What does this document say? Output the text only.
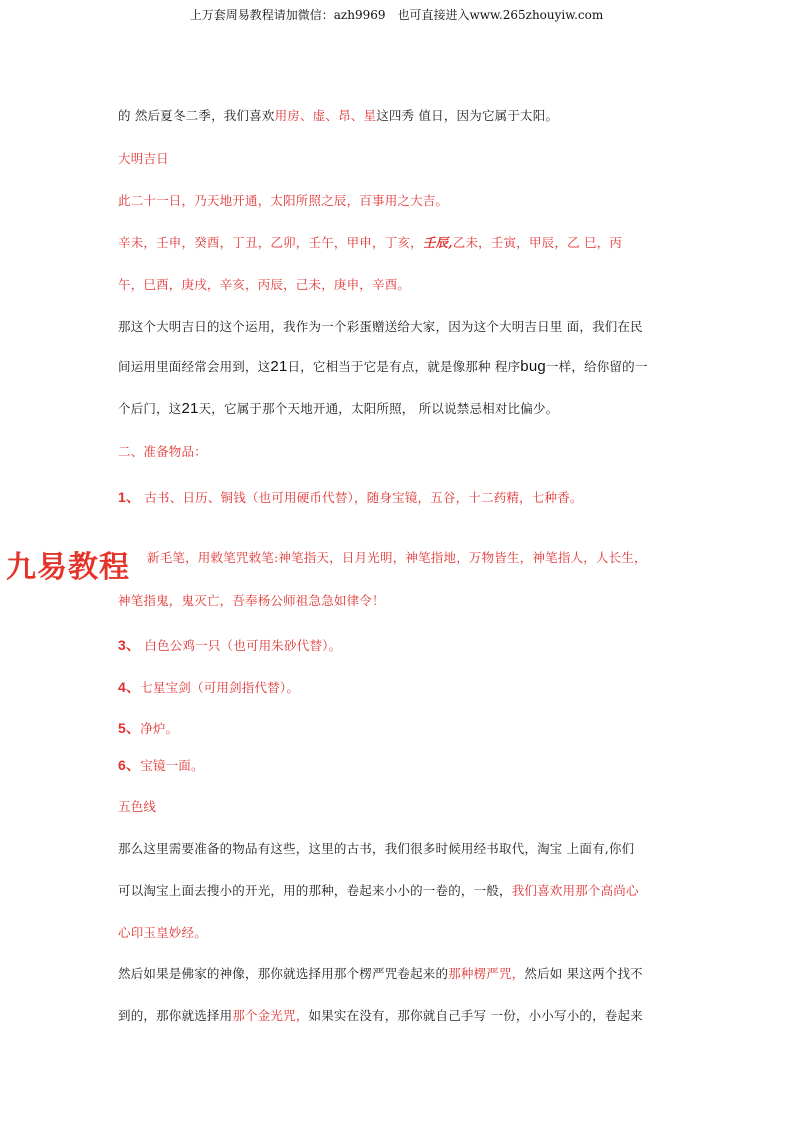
上万套周易教程请加微信：azh9969　也可直接进入www.265zhouyiw.com
的 然后夏冬二季，我们喜欢用房、虚、昂、星这四秀 值日，因为它属于太阳。
大明吉日
此二十一日，乃天地开通，太阳所照之辰，百事用之大吉。
辛未，壬申，癸酉，丁丑，乙卯，壬午，甲申，丁亥，壬辰,乙未，壬寅，甲辰，乙 巳，丙
午，巳酉，庚戌，辛亥，丙辰，己未，庚申，辛酉。
那这个大明吉日的这个运用，我作为一个彩蛋赠送给大家，因为这个大明吉日里 面，我们在民
间运用里面经常会用到，这21日，它相当于它是有点，就是像那种 程序bug一样，给你留的一
个后门，这21天，它属于那个天地开通，太阳所照， 所以说禁忌相对比偏少。
二、准备物品：
1、 古书、日历、铜钱（也可用硬币代替），随身宝镜，五谷，十二药精，七种香。
九易教程 新毛笔，用敕笔咒敕笔:神笔指天，日月光明，神笔指地，万物皆生，神笔指人，人长生，
神笔指鬼，鬼灭亡，吾奉杨公师祖急急如律令！
3、 白色公鸡一只（也可用朱砂代替）。
4、七星宝剑（可用剑指代替）。
5、净炉。
6、宝镜一面。
五色线
那么这里需要准备的物品有这些，这里的古书，我们很多时候用经书取代，淘宝 上面有,你们
可以淘宝上面去搜小的开光，用的那种，卷起来小小的一卷的，一般，我们喜欢用那个高尚心
心印玉皇妙经。
然后如果是佛家的神像，那你就选择用那个楞严咒卷起来的那种楞严咒，然后如 果这两个找不
到的，那你就选择用那个金光咒，如果实在没有，那你就自己手写 一份，小小写小的，卷起来
